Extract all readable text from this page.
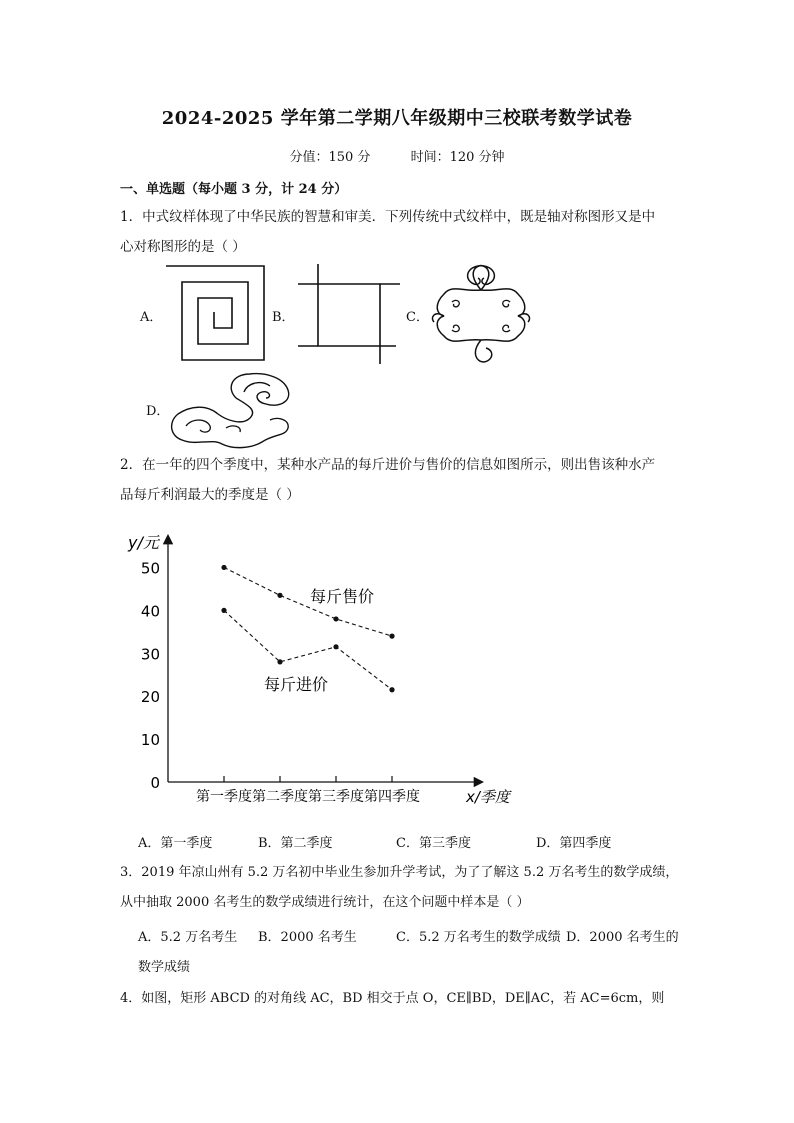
2024-2025 学年第二学期八年级期中三校联考数学试卷
分值：150 分	时间：120 分钟
一、单选题（每小题 3 分，计 24 分）
1．中式纹样体现了中华民族的智慧和审美．下列传统中式纹样中，既是轴对称图形又是中
心对称图形的是（ ）
A．	B．	C．
D．
2．在一年的四个季度中，某种水产品的每斤进价与售价的信息如图所示，则出售该种水产
品每斤利润最大的季度是（ ）
y/元
x/季度
0
10
20
30
40
50
第一季度 第二季度 第三季度 第四季度
每斤售价
每斤进价
A．第一季度	B．第二季度	C．第三季度	D．第四季度
3．2019 年凉山州有 5.2 万名初中毕业生参加升学考试，为了了解这 5.2 万名考生的数学成绩，
从中抽取 2000 名考生的数学成绩进行统计，在这个问题中样本是（ ）
A．5.2 万名考生 B．2000 名考生	C．5.2 万名考生的数学成绩 D．2000 名考生的
数学成绩
4．如图，矩形 ABCD 的对角线 AC，BD 相交于点 O，CE∥BD，DE∥AC，若 AC=6cm，则
